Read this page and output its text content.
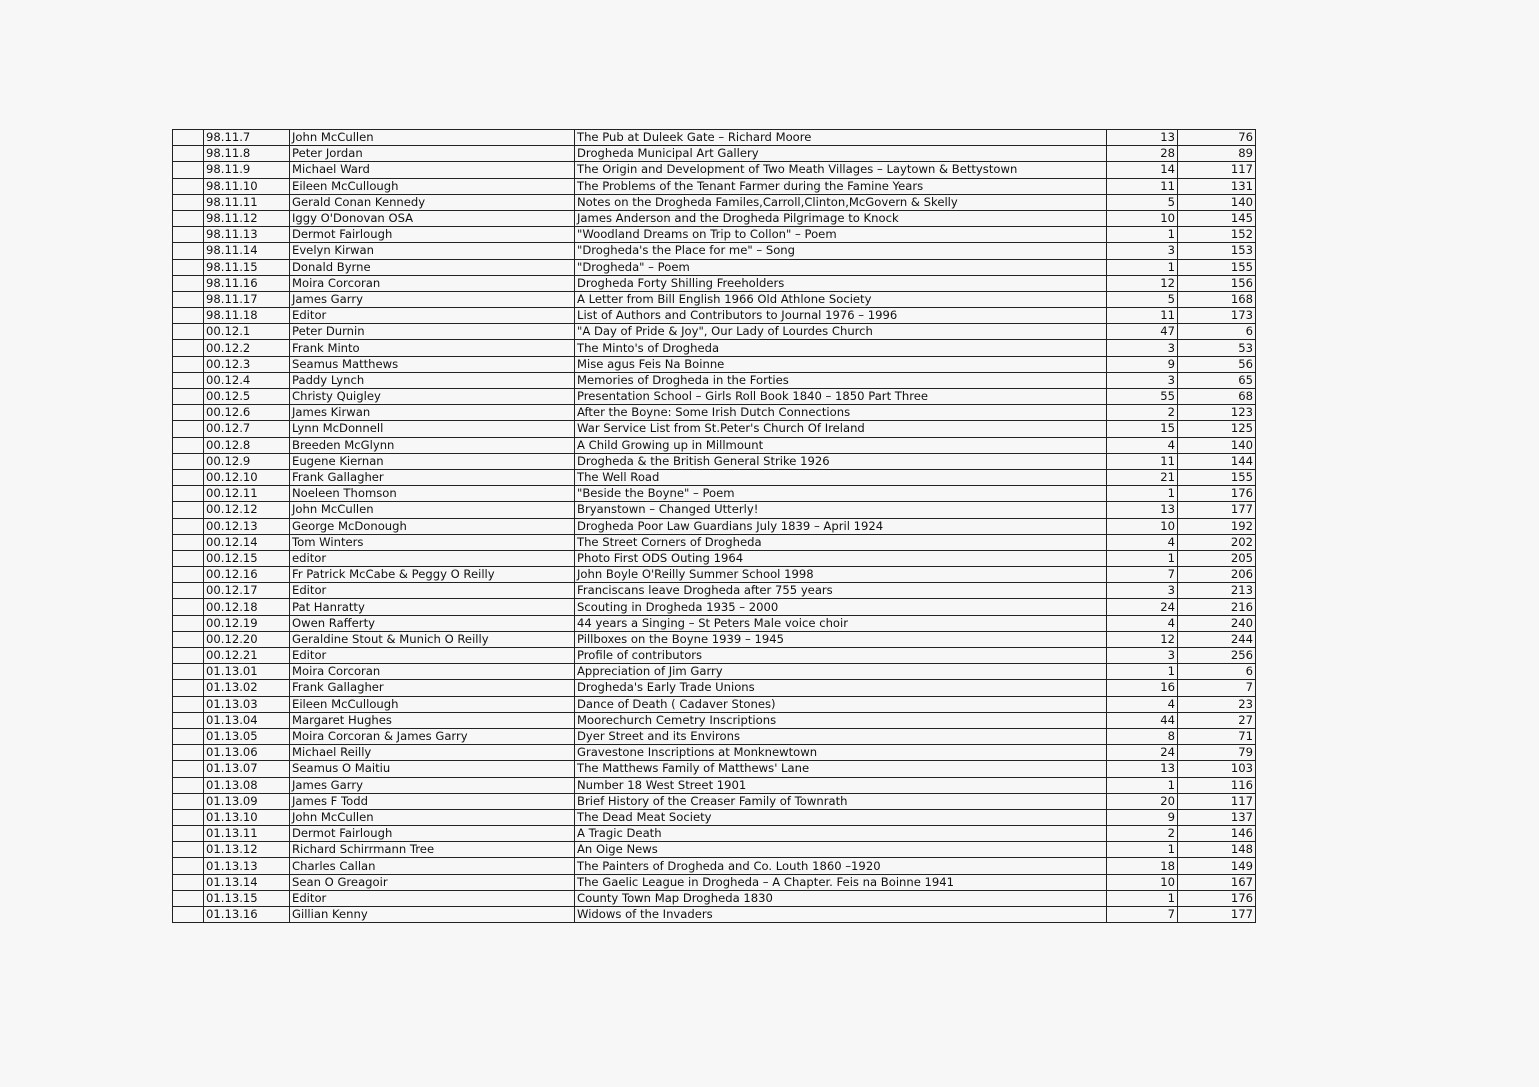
	98.11.7	John McCullen	The Pub at Duleek Gate – Richard Moore	13	76
	98.11.8	Peter Jordan	Drogheda Municipal Art Gallery	28	89
	98.11.9	Michael Ward	The Origin and Development of Two Meath Villages – Laytown & Bettystown	14	117
	98.11.10	Eileen McCullough	The Problems of the Tenant Farmer during the Famine Years	11	131
	98.11.11	Gerald Conan Kennedy	Notes on the Drogheda Familes,Carroll,Clinton,McGovern & Skelly	5	140
	98.11.12	Iggy O'Donovan OSA	James Anderson and the Drogheda Pilgrimage to Knock	10	145
	98.11.13	Dermot Fairlough	"Woodland Dreams on Trip to Collon" – Poem	1	152
	98.11.14	Evelyn Kirwan	"Drogheda's the Place for me" – Song	3	153
	98.11.15	Donald Byrne	"Drogheda" – Poem	1	155
	98.11.16	Moira Corcoran	Drogheda Forty Shilling Freeholders	12	156
	98.11.17	James Garry	A Letter from Bill English 1966 Old Athlone Society	5	168
	98.11.18	Editor	List of Authors and Contributors to Journal 1976 – 1996	11	173
	00.12.1	Peter Durnin	"A Day of Pride & Joy", Our Lady of Lourdes Church	47	6
	00.12.2	Frank Minto	The Minto's of Drogheda	3	53
	00.12.3	Seamus Matthews	Mise agus Feis Na Boinne	9	56
	00.12.4	Paddy Lynch	Memories of Drogheda in the Forties	3	65
	00.12.5	Christy Quigley	Presentation School – Girls Roll Book 1840 – 1850 Part Three	55	68
	00.12.6	James Kirwan	After the Boyne: Some Irish Dutch Connections	2	123
	00.12.7	Lynn McDonnell	War Service List from St.Peter's Church Of Ireland	15	125
	00.12.8	Breeden McGlynn	A Child Growing up in Millmount	4	140
	00.12.9	Eugene Kiernan	Drogheda & the British General Strike 1926	11	144
	00.12.10	Frank Gallagher	The Well Road	21	155
	00.12.11	Noeleen Thomson	"Beside the Boyne" – Poem	1	176
	00.12.12	John McCullen	Bryanstown – Changed Utterly!	13	177
	00.12.13	George McDonough	Drogheda Poor Law Guardians July 1839 – April 1924	10	192
	00.12.14	Tom Winters	The Street Corners of Drogheda	4	202
	00.12.15	editor	Photo First ODS Outing 1964	1	205
	00.12.16	Fr Patrick McCabe & Peggy O Reilly	John Boyle O'Reilly Summer School 1998	7	206
	00.12.17	Editor	Franciscans leave Drogheda after 755 years	3	213
	00.12.18	Pat Hanratty	Scouting in Drogheda 1935 – 2000	24	216
	00.12.19	Owen Rafferty	44 years a Singing – St Peters Male voice choir	4	240
	00.12.20	Geraldine Stout & Munich O Reilly	Pillboxes on the Boyne 1939 – 1945	12	244
	00.12.21	Editor	Profile of contributors	3	256
	01.13.01	Moira Corcoran	Appreciation of Jim Garry	1	6
	01.13.02	Frank Gallagher	Drogheda's Early Trade Unions	16	7
	01.13.03	Eileen McCullough	Dance of Death ( Cadaver Stones)	4	23
	01.13.04	Margaret Hughes	Moorechurch Cemetry Inscriptions	44	27
	01.13.05	Moira Corcoran & James Garry	Dyer Street and its Environs	8	71
	01.13.06	Michael Reilly	Gravestone Inscriptions at Monknewtown	24	79
	01.13.07	Seamus O Maitiu	The Matthews Family of Matthews' Lane	13	103
	01.13.08	James Garry	Number 18 West Street 1901	1	116
	01.13.09	James F Todd	Brief History of the Creaser Family of Townrath	20	117
	01.13.10	John McCullen	The Dead Meat Society	9	137
	01.13.11	Dermot Fairlough	A Tragic Death	2	146
	01.13.12	Richard Schirrmann Tree	An Oige News	1	148
	01.13.13	Charles Callan	The Painters of Drogheda and Co. Louth 1860 –1920	18	149
	01.13.14	Sean O Greagoir	The Gaelic League in Drogheda – A Chapter. Feis na Boinne 1941	10	167
	01.13.15	Editor	County Town Map Drogheda 1830	1	176
	01.13.16	Gillian Kenny	Widows of the Invaders	7	177
